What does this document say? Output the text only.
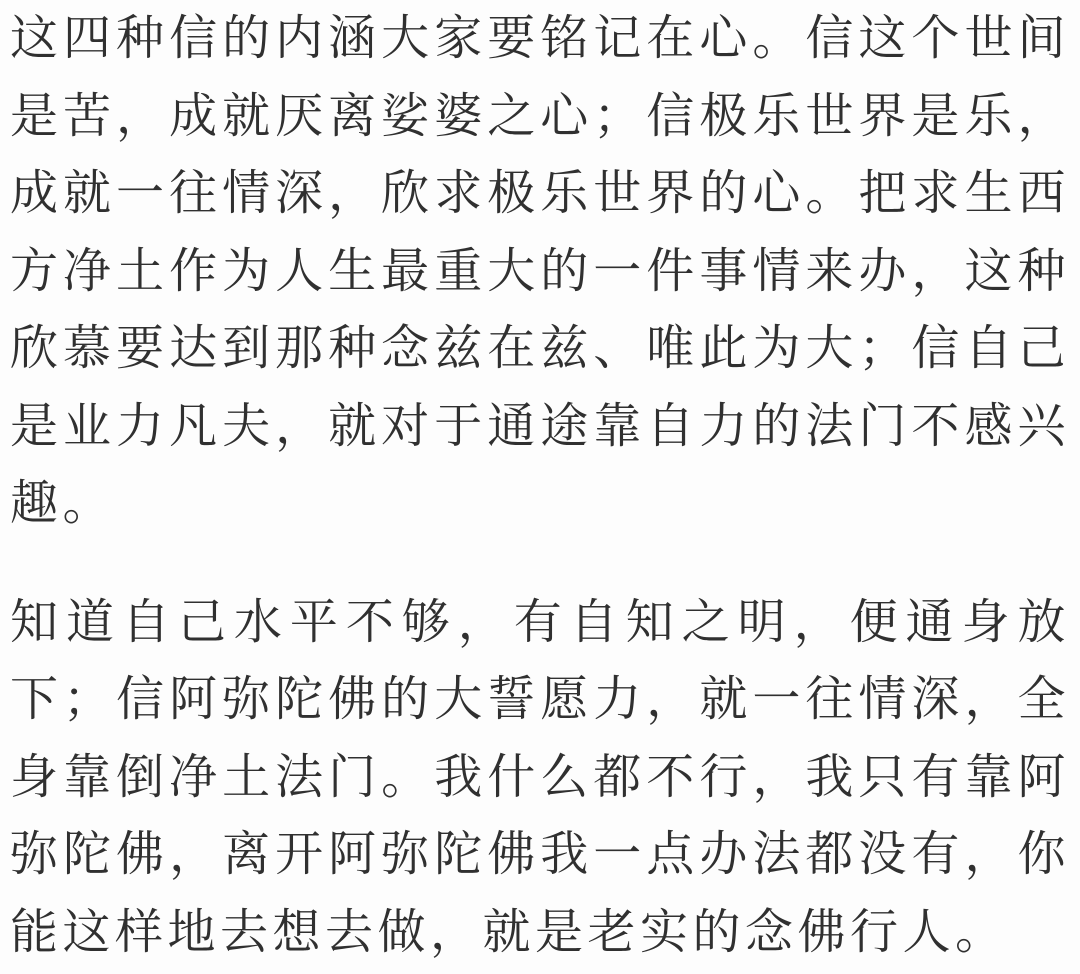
这四种信的内涵大家要铭记在心。信这个世间是苦，成就厌离娑婆之心；信极乐世界是乐，成就一往情深，欣求极乐世界的心。把求生西方净土作为人生最重大的一件事情来办，这种欣慕要达到那种念兹在兹、唯此为大；信自己是业力凡夫，就对于通途靠自力的法门不感兴趣。

知道自己水平不够，有自知之明，便通身放下；信阿弥陀佛的大誓愿力，就一往情深，全身靠倒净土法门。我什么都不行，我只有靠阿弥陀佛，离开阿弥陀佛我一点办法都没有，你能这样地去想去做，就是老实的念佛行人。
